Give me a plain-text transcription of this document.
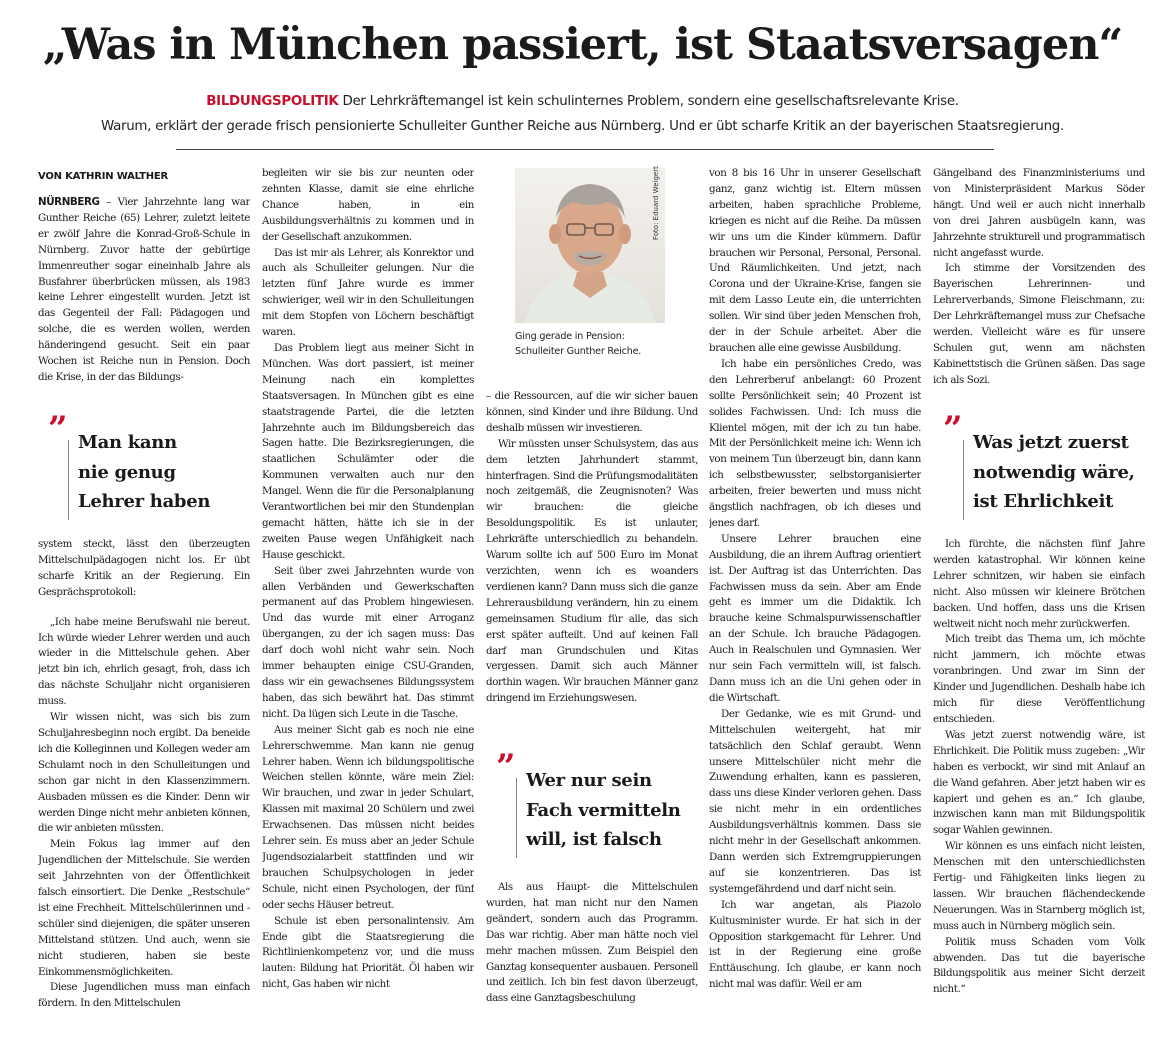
„Was in München passiert, ist Staatsversagen“
BILDUNGSPOLITIK Der Lehrkräftemangel ist kein schulinternes Problem, sondern eine gesellschaftsrelevante Krise.
Warum, erklärt der gerade frisch pensionierte Schulleiter Gunther Reiche aus Nürnberg. Und er übt scharfe Kritik an der bayerischen Staatsregierung.
VON KATHRIN WALTHER

NÜRNBERG – Vier Jahrzehnte lang war Gunther Reiche (65) Lehrer, zuletzt leitete er zwölf Jahre die Konrad-Groß-Schule in Nürnberg. Zuvor hatte der gebürtige Immenreuther sogar eineinhalb Jahre als Busfahrer überbrücken müssen, als 1983 keine Lehrer eingestellt wurden. Jetzt ist das Gegenteil der Fall: Pädagogen und solche, die es werden wollen, werden händeringend gesucht. Seit ein paar Wochen ist Reiche nun in Pension. Doch die Krise, in der das Bildungs-

” Man kann
nie genug
Lehrer haben

system steckt, lässt den überzeugten Mittelschulpädagogen nicht los. Er übt scharfe Kritik an der Regierung. Ein Gesprächsprotokoll:

„Ich habe meine Berufswahl nie bereut. Ich würde wieder Lehrer werden und auch wieder in die Mittelschule gehen. Aber jetzt bin ich, ehrlich gesagt, froh, dass ich das nächste Schuljahr nicht organisieren muss.

Wir wissen nicht, was sich bis zum Schuljahresbeginn noch ergibt. Da beneide ich die Kolleginnen und Kollegen weder am Schulamt noch in den Schulleitungen und schon gar nicht in den Klassenzimmern. Ausbaden müssen es die Kinder. Denn wir werden Dinge nicht mehr anbieten können, die wir anbieten müssten.

Mein Fokus lag immer auf den Jugendlichen der Mittelschule. Sie werden seit Jahrzehnten von der Öffentlichkeit falsch einsortiert. Die Denke „Restschule“ ist eine Frechheit. Mittelschülerinnen und -schüler sind diejenigen, die später unseren Mittelstand stützen. Und auch, wenn sie nicht studieren, haben sie beste Einkommensmöglichkeiten.

Diese Jugendlichen muss man einfach fördern. In den Mittelschulen

begleiten wir sie bis zur neunten oder zehnten Klasse, damit sie eine ehrliche Chance haben, in ein Ausbildungsverhältnis zu kommen und in der Gesellschaft anzukommen.

Das ist mir als Lehrer, als Konrektor und auch als Schulleiter gelungen. Nur die letzten fünf Jahre wurde es immer schwieriger, weil wir in den Schulleitungen mit dem Stopfen von Löchern beschäftigt waren.

Das Problem liegt aus meiner Sicht in München. Was dort passiert, ist meiner Meinung nach ein komplettes Staatsversagen. In München gibt es eine staatstragende Partei, die die letzten Jahrzehnte auch im Bildungsbereich das Sagen hatte. Die Bezirksregierungen, die staatlichen Schulämter oder die Kommunen verwalten auch nur den Mangel. Wenn die für die Personalplanung Verantwortlichen bei mir den Stundenplan gemacht hätten, hätte ich sie in der zweiten Pause wegen Unfähigkeit nach Hause geschickt.

Seit über zwei Jahrzehnten wurde von allen Verbänden und Gewerkschaften permanent auf das Problem hingewiesen. Und das wurde mit einer Arroganz übergangen, zu der ich sagen muss: Das darf doch wohl nicht wahr sein. Noch immer behaupten einige CSU-Granden, dass wir ein gewachsenes Bildungssystem haben, das sich bewährt hat. Das stimmt nicht. Da lügen sich Leute in die Tasche.

Aus meiner Sicht gab es noch nie eine Lehrerschwemme. Man kann nie genug Lehrer haben. Wenn ich bildungspolitische Weichen stellen könnte, wäre mein Ziel: Wir brauchen, und zwar in jeder Schulart, Klassen mit maximal 20 Schülern und zwei Erwachsenen. Das müssen nicht beides Lehrer sein. Es muss aber an jeder Schule Jugendsozialarbeit stattfinden und wir brauchen Schulpsychologen in jeder Schule, nicht einen Psychologen, der fünf oder sechs Häuser betreut.

Schule ist eben personalintensiv. Am Ende gibt die Staatsregierung die Richtlinienkompetenz vor, und die muss lauten: Bildung hat Priorität. Öl haben wir nicht, Gas haben wir nicht

Foto: Eduard Weigert
Ging gerade in Pension: Schulleiter Gunther Reiche.

– die Ressourcen, auf die wir sicher bauen können, sind Kinder und ihre Bildung. Und deshalb müssen wir investieren.

Wir müssten unser Schulsystem, das aus dem letzten Jahrhundert stammt, hinterfragen. Sind die Prüfungsmodalitäten noch zeitgemäß, die Zeugnisnoten? Was wir brauchen: die gleiche Besoldungspolitik. Es ist unlauter, Lehrkräfte unterschiedlich zu behandeln. Warum sollte ich auf 500 Euro im Monat verzichten, wenn ich es woanders verdienen kann? Dann muss sich die ganze Lehrerausbildung verändern, hin zu einem gemeinsamen Studium für alle, das sich erst später aufteilt. Und auf keinen Fall darf man Grundschulen und Kitas vergessen. Damit sich auch Männer dorthin wagen. Wir brauchen Männer ganz dringend im Erziehungswesen.

” Wer nur sein
Fach vermitteln
will, ist falsch

Als aus Haupt- die Mittelschulen wurden, hat man nicht nur den Namen geändert, sondern auch das Programm. Das war richtig. Aber man hätte noch viel mehr machen müssen. Zum Beispiel den Ganztag konsequenter ausbauen. Personell und zeitlich. Ich bin fest davon überzeugt, dass eine Ganztagsbeschulung

von 8 bis 16 Uhr in unserer Gesellschaft ganz, ganz wichtig ist. Eltern müssen arbeiten, haben sprachliche Probleme, kriegen es nicht auf die Reihe. Da müssen wir uns um die Kinder kümmern. Dafür brauchen wir Personal, Personal, Personal. Und Räumlichkeiten. Und jetzt, nach Corona und der Ukraine-Krise, fangen sie mit dem Lasso Leute ein, die unterrichten sollen. Wir sind über jeden Menschen froh, der in der Schule arbeitet. Aber die brauchen alle eine gewisse Ausbildung.

Ich habe ein persönliches Credo, was den Lehrerberuf anbelangt: 60 Prozent sollte Persönlichkeit sein; 40 Prozent ist solides Fachwissen. Und: Ich muss die Klientel mögen, mit der ich zu tun habe. Mit der Persönlichkeit meine ich: Wenn ich von meinem Tun überzeugt bin, dann kann ich selbstbewusster, selbstorganisierter arbeiten, freier bewerten und muss nicht ängstlich nachfragen, ob ich dieses und jenes darf.

Unsere Lehrer brauchen eine Ausbildung, die an ihrem Auftrag orientiert ist. Der Auftrag ist das Unterrichten. Das Fachwissen muss da sein. Aber am Ende geht es immer um die Didaktik. Ich brauche keine Schmalspurwissenschaftler an der Schule. Ich brauche Pädagogen. Auch in Realschulen und Gymnasien. Wer nur sein Fach vermitteln will, ist falsch. Dann muss ich an die Uni gehen oder in die Wirtschaft.

Der Gedanke, wie es mit Grund- und Mittelschulen weitergeht, hat mir tatsächlich den Schlaf geraubt. Wenn unsere Mittelschüler nicht mehr die Zuwendung erhalten, kann es passieren, dass uns diese Kinder verloren gehen. Dass sie nicht mehr in ein ordentliches Ausbildungsverhältnis kommen. Dass sie nicht mehr in der Gesellschaft ankommen. Dann werden sich Extremgruppierungen auf sie konzentrieren. Das ist systemgefährdend und darf nicht sein.

Ich war angetan, als Piazolo Kultusminister wurde. Er hat sich in der Opposition starkgemacht für Lehrer. Und ist in der Regierung eine große Enttäuschung. Ich glaube, er kann noch nicht mal was dafür. Weil er am

Gängelband des Finanzministeriums und von Ministerpräsident Markus Söder hängt. Und weil er auch nicht innerhalb von drei Jahren ausbügeln kann, was Jahrzehnte strukturell und programmatisch nicht angefasst wurde.

Ich stimme der Vorsitzenden des Bayerischen Lehrerinnen- und Lehrerverbands, Simone Fleischmann, zu: Der Lehrkräftemangel muss zur Chefsache werden. Vielleicht wäre es für unsere Schulen gut, wenn am nächsten Kabinettstisch die Grünen säßen. Das sage ich als Sozi.

” Was jetzt zuerst
notwendig wäre,
ist Ehrlichkeit

Ich fürchte, die nächsten fünf Jahre werden katastrophal. Wir können keine Lehrer schnitzen, wir haben sie einfach nicht. Also müssen wir kleinere Brötchen backen. Und hoffen, dass uns die Krisen weltweit nicht noch mehr zurückwerfen.

Mich treibt das Thema um, ich möchte nicht jammern, ich möchte etwas voranbringen. Und zwar im Sinn der Kinder und Jugendlichen. Deshalb habe ich mich für diese Veröffentlichung entschieden.

Was jetzt zuerst notwendig wäre, ist Ehrlichkeit. Die Politik muss zugeben: „Wir haben es verbockt, wir sind mit Anlauf an die Wand gefahren. Aber jetzt haben wir es kapiert und gehen es an.“ Ich glaube, inzwischen kann man mit Bildungspolitik sogar Wahlen gewinnen.

Wir können es uns einfach nicht leisten, Menschen mit den unterschiedlichsten Fertig- und Fähigkeiten links liegen zu lassen. Wir brauchen flächendeckende Neuerungen. Was in Starnberg möglich ist, muss auch in Nürnberg möglich sein.

Politik muss Schaden vom Volk abwenden. Das tut die bayerische Bildungspolitik aus meiner Sicht derzeit nicht.“
